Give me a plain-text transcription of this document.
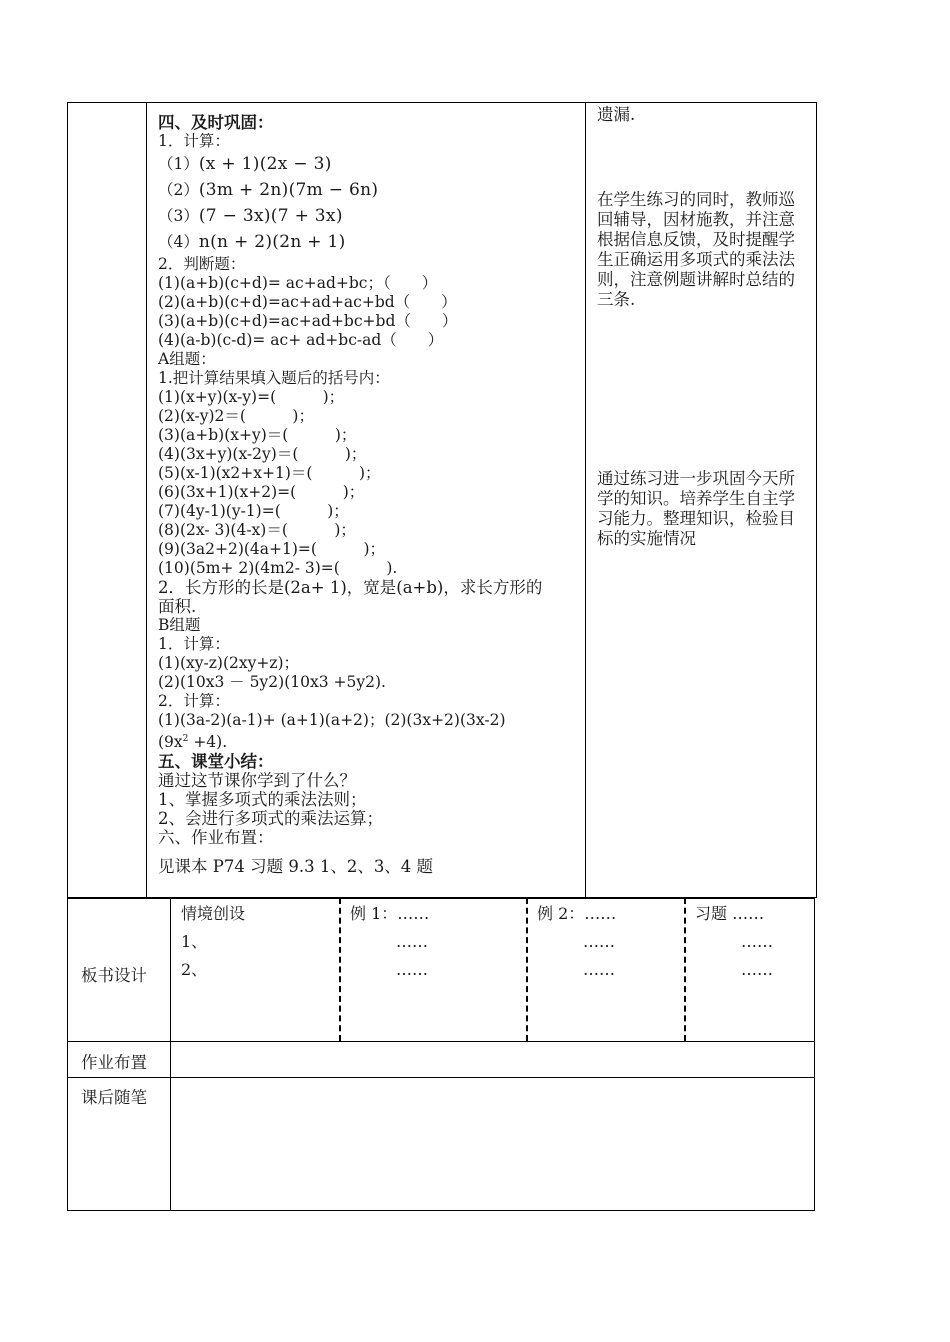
四、及时巩固：
1．计算：
（1）(x + 1)(2x − 3)
（2）(3m + 2n)(7m − 6n)
（3）(7 − 3x)(7 + 3x)
（4）n(n + 2)(2n + 1)
2．判断题：
(1)(a+b)(c+d)= ac+ad+bc；（　　）
(2)(a+b)(c+d)=ac+ad+ac+bd（　　）
(3)(a+b)(c+d)=ac+ad+bc+bd（　　）
(4)(a-b)(c-d)= ac+ ad+bc-ad（　　）
A组题：
1.把计算结果填入题后的括号内：
(1)(x+y)(x-y)=(　　　)；
(2)(x-y)2＝(　　　)；
(3)(a+b)(x+y)＝(　　　)；
(4)(3x+y)(x-2y)＝(　　　)；
(5)(x-1)(x2+x+1)＝(　　　)；
(6)(3x+1)(x+2)=(　　　)；
(7)(4y-1)(y-1)=(　　　)；
(8)(2x- 3)(4-x)＝(　　　)；
(9)(3a2+2)(4a+1)=(　　　)；
(10)(5m+ 2)(4m2- 3)=(　　　).
2．长方形的长是(2a+ 1)，宽是(a+b)，求长方形的
面积.
B组题
1．计算：
(1)(xy-z)(2xy+z)；
(2)(10x3 － 5y2)(10x3 +5y2).
2．计算：
(1)(3a-2)(a-1)+ (a+1)(a+2)；(2)(3x+2)(3x-2)
$(9x^2 +4)$.
五、课堂小结：
通过这节课你学到了什么？
1、掌握多项式的乘法法则；
2、会进行多项式的乘法运算；
六、作业布置：
见课本 P74 习题 9.3 1、2、3、4 题
遗漏.
在学生练习的同时，教师巡回辅导，因材施教，并注意根据信息反馈，及时提醒学生正确运用多项式的乘法法则，注意例题讲解时总结的三条.
通过练习进一步巩固今天所学的知识。培养学生自主学习能力。整理知识，检验目标的实施情况
板书设计
情境创设
1、
2、
例 1：……
……
……
例 2：……
……
……
习题 ……
……
……
作业布置
课后随笔
